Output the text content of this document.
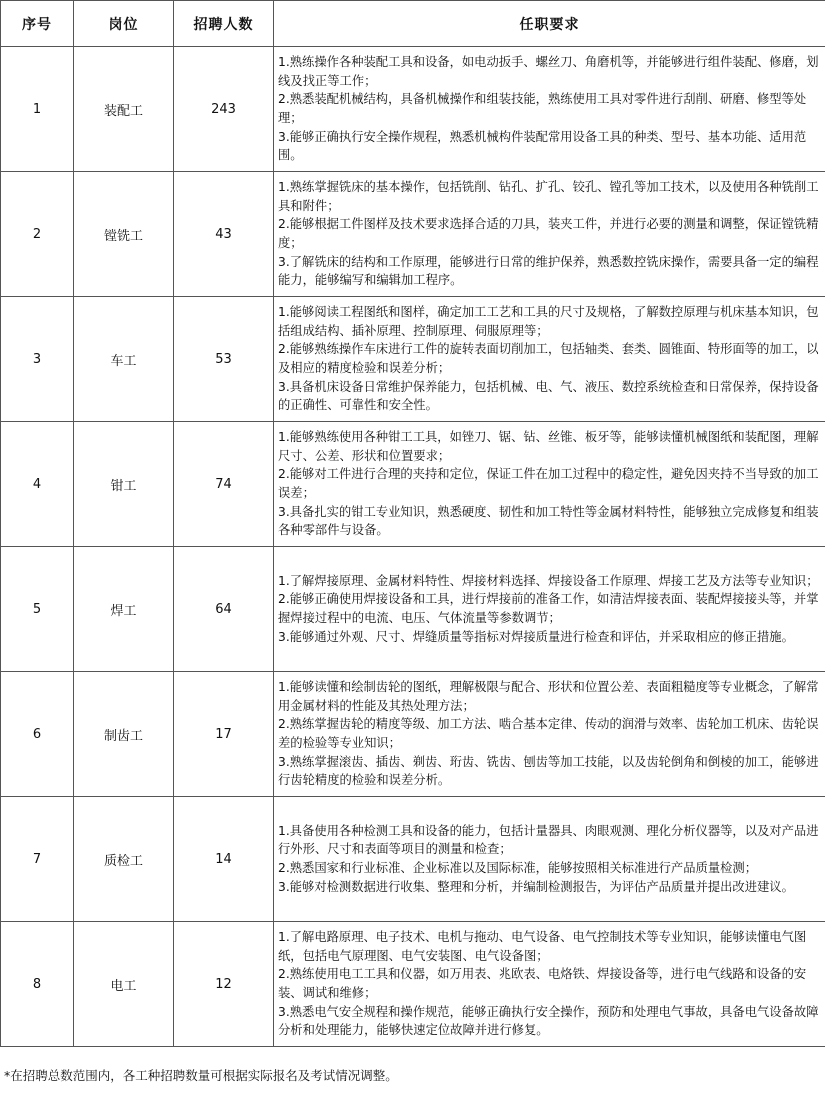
序号	岗位	招聘人数	任职要求
1	装配工	243	1.熟练操作各种装配工具和设备，如电动扳手、螺丝刀、角磨机等，并能够进行组件装配、修磨，划线及找正等工作；
2.熟悉装配机械结构，具备机械操作和组装技能，熟练使用工具对零件进行刮削、研磨、修型等处理；
3.能够正确执行安全操作规程，熟悉机械构件装配常用设备工具的种类、型号、基本功能、适用范围。

2	镗铣工	43	1.熟练掌握铣床的基本操作，包括铣削、钻孔、扩孔、铰孔、镗孔等加工技术，以及使用各种铣削工具和附件；
2.能够根据工件图样及技术要求选择合适的刀具，装夹工件，并进行必要的测量和调整，保证镗铣精度；
3.了解铣床的结构和工作原理，能够进行日常的维护保养，熟悉数控铣床操作，需要具备一定的编程能力，能够编写和编辑加工程序。

3	车工	53	1.能够阅读工程图纸和图样，确定加工工艺和工具的尺寸及规格，了解数控原理与机床基本知识，包括组成结构、插补原理、控制原理、伺服原理等；
2.能够熟练操作车床进行工件的旋转表面切削加工，包括轴类、套类、圆锥面、特形面等的加工，以及相应的精度检验和误差分析；
3.具备机床设备日常维护保养能力，包括机械、电、气、液压、数控系统检查和日常保养，保持设备的正确性、可靠性和安全性。

4	钳工	74	1.能够熟练使用各种钳工工具，如锉刀、锯、钻、丝锥、板牙等，能够读懂机械图纸和装配图，理解尺寸、公差、形状和位置要求；
2.能够对工件进行合理的夹持和定位，保证工件在加工过程中的稳定性，避免因夹持不当导致的加工误差；
3.具备扎实的钳工专业知识，熟悉硬度、韧性和加工特性等金属材料特性，能够独立完成修复和组装各种零部件与设备。

5	焊工	64	1.了解焊接原理、金属材料特性、焊接材料选择、焊接设备工作原理、焊接工艺及方法等专业知识；
2.能够正确使用焊接设备和工具，进行焊接前的准备工作，如清洁焊接表面、装配焊接接头等，并掌握焊接过程中的电流、电压、气体流量等参数调节；
3.能够通过外观、尺寸、焊缝质量等指标对焊接质量进行检查和评估，并采取相应的修正措施。

6	制齿工	17	1.能够读懂和绘制齿轮的图纸，理解极限与配合、形状和位置公差、表面粗糙度等专业概念，了解常用金属材料的性能及其热处理方法；
2.熟练掌握齿轮的精度等级、加工方法、啮合基本定律、传动的润滑与效率、齿轮加工机床、齿轮误差的检验等专业知识；
3.熟练掌握滚齿、插齿、剃齿、珩齿、铣齿、刨齿等加工技能，以及齿轮倒角和倒棱的加工，能够进行齿轮精度的检验和误差分析。

7	质检工	14	1.具备使用各种检测工具和设备的能力，包括计量器具、肉眼观测、理化分析仪器等，以及对产品进行外形、尺寸和表面等项目的测量和检查；
2.熟悉国家和行业标准、企业标准以及国际标准，能够按照相关标准进行产品质量检测；
3.能够对检测数据进行收集、整理和分析，并编制检测报告，为评估产品质量并提出改进建议。

8	电工	12	1.了解电路原理、电子技术、电机与拖动、电气设备、电气控制技术等专业知识，能够读懂电气图纸，包括电气原理图、电气安装图、电气设备图；
2.熟练使用电工工具和仪器，如万用表、兆欧表、电烙铁、焊接设备等，进行电气线路和设备的安装、调试和维修；
3.熟悉电气安全规程和操作规范，能够正确执行安全操作，预防和处理电气事故，具备电气设备故障分析和处理能力，能够快速定位故障并进行修复。
*在招聘总数范围内，各工种招聘数量可根据实际报名及考试情况调整。
